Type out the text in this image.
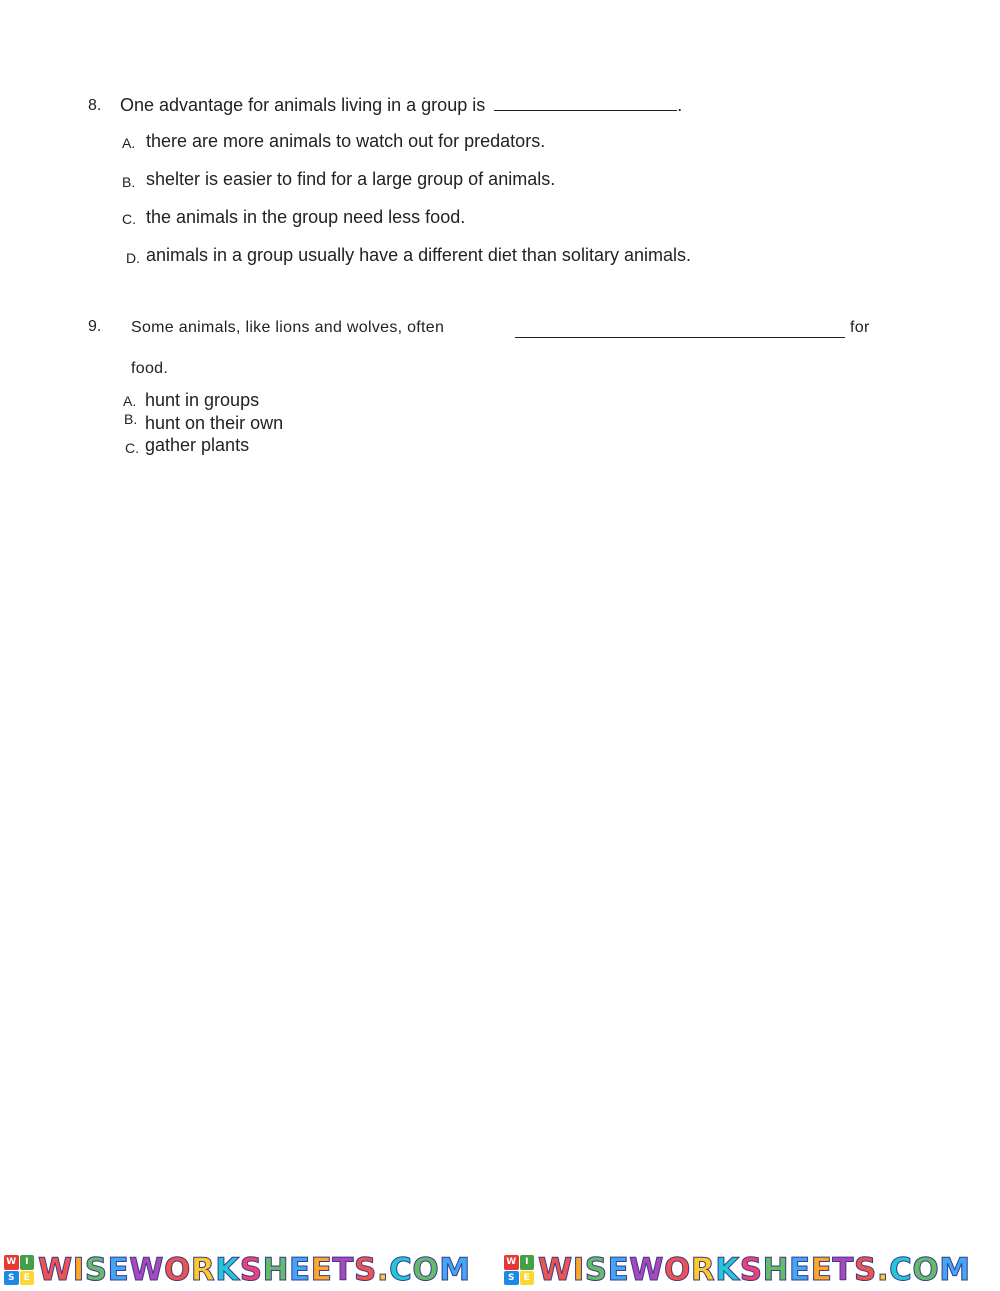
8. One advantage for animals living in a group is	.
A. there are more animals to watch out for predators.
B. shelter is easier to find for a large group of animals.
C. the animals in the group need less food.
D. animals in a group usually have a different diet than solitary animals.
9. Some animals, like lions and wolves, often	for
food.
A. hunt in groups
B. hunt on their own
C. gather plants
W I
S	E WISEWORKSHEETS.COM	W I
S	E WISEWORKSHEETS.COM
